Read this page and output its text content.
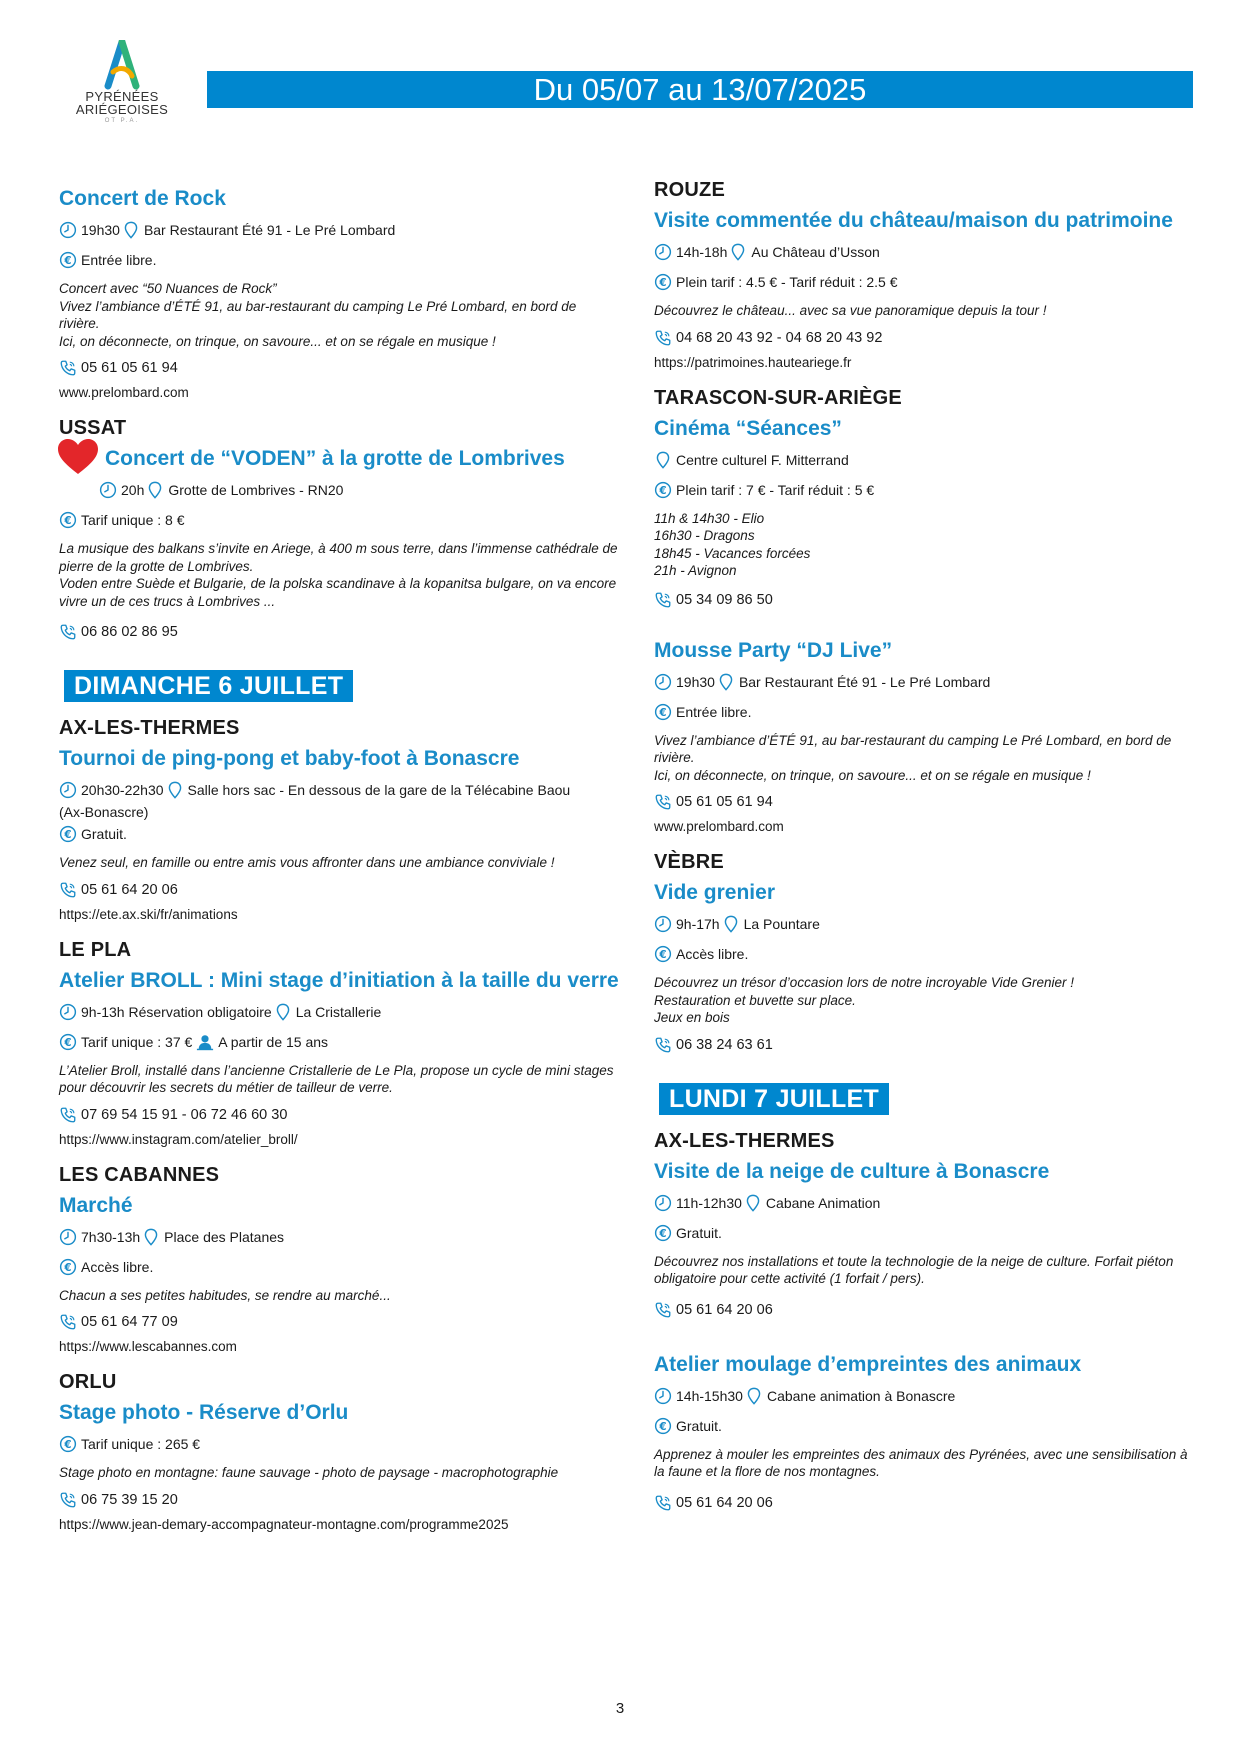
PYRÉNÉES
ARIÉGEOISES
OT P.A.
Du 05/07 au 13/07/2025
Concert de Rock
19h30 Bar Restaurant Été 91 - Le Pré Lombard
Entrée libre.
Concert avec “50 Nuances de Rock”
Vivez l’ambiance d’ÉTÉ 91, au bar-restaurant du camping Le Pré Lombard, en bord de rivière.
Ici, on déconnecte, on trinque, on savoure... et on se régale en musique !
05 61 05 61 94
www.prelombard.com
USSAT
Concert de “VODEN” à la grotte de Lombrives
20h Grotte de Lombrives - RN20
Tarif unique : 8 €
La musique des balkans s’invite en Ariege, à 400 m sous terre, dans l’immense cathédrale de pierre de la grotte de Lombrives.
Voden entre Suède et Bulgarie, de la polska scandinave à la kopanitsa bulgare, on va encore vivre un de ces trucs à Lombrives ...
06 86 02 86 95
DIMANCHE 6 JUILLET
AX-LES-THERMES
Tournoi de ping-pong et baby-foot à Bonascre
20h30-22h30 Salle hors sac - En dessous de la gare de la Télécabine Baou
(Ax-Bonascre)
Gratuit.
Venez seul, en famille ou entre amis vous affronter dans une ambiance conviviale !
05 61 64 20 06
https://ete.ax.ski/fr/animations
LE PLA
Atelier BROLL : Mini stage d’initiation à la taille du verre
9h-13h Réservation obligatoire La Cristallerie
Tarif unique : 37 € A partir de 15 ans
L’Atelier Broll, installé dans l’ancienne Cristallerie de Le Pla, propose un cycle de mini stages pour découvrir les secrets du métier de tailleur de verre.
07 69 54 15 91 - 06 72 46 60 30
https://www.instagram.com/atelier_broll/
LES CABANNES
Marché
7h30-13h Place des Platanes
Accès libre.
Chacun a ses petites habitudes, se rendre au marché...
05 61 64 77 09
https://www.lescabannes.com
ORLU
Stage photo - Réserve d’Orlu
Tarif unique : 265 €
Stage photo en montagne: faune sauvage - photo de paysage - macrophotographie
06 75 39 15 20
https://www.jean-demary-accompagnateur-montagne.com/programme2025
ROUZE
Visite commentée du château/maison du patrimoine
14h-18h Au Château d’Usson
Plein tarif : 4.5 € - Tarif réduit : 2.5 €
Découvrez le château... avec sa vue panoramique depuis la tour !
04 68 20 43 92 - 04 68 20 43 92
https://patrimoines.hauteariege.fr
TARASCON-SUR-ARIÈGE
Cinéma “Séances”
Centre culturel F. Mitterrand
Plein tarif : 7 € - Tarif réduit : 5 €
11h & 14h30 - Elio
16h30 - Dragons
18h45 - Vacances forcées
21h - Avignon
05 34 09 86 50
Mousse Party “DJ Live”
19h30 Bar Restaurant Été 91 - Le Pré Lombard
Entrée libre.
Vivez l’ambiance d’ÉTÉ 91, au bar-restaurant du camping Le Pré Lombard, en bord de rivière.
Ici, on déconnecte, on trinque, on savoure... et on se régale en musique !
05 61 05 61 94
www.prelombard.com
VÈBRE
Vide grenier
9h-17h La Pountare
Accès libre.
Découvrez un trésor d’occasion lors de notre incroyable Vide Grenier !
Restauration et buvette sur place.
Jeux en bois
06 38 24 63 61
LUNDI 7 JUILLET
AX-LES-THERMES
Visite de la neige de culture à Bonascre
11h-12h30 Cabane Animation
Gratuit.
Découvrez nos installations et toute la technologie de la neige de culture. Forfait piéton obligatoire pour cette activité (1 forfait / pers).
05 61 64 20 06
Atelier moulage d’empreintes des animaux
14h-15h30 Cabane animation à Bonascre
Gratuit.
Apprenez à mouler les empreintes des animaux des Pyrénées, avec une sensibilisation à la faune et la flore de nos montagnes.
05 61 64 20 06
3
